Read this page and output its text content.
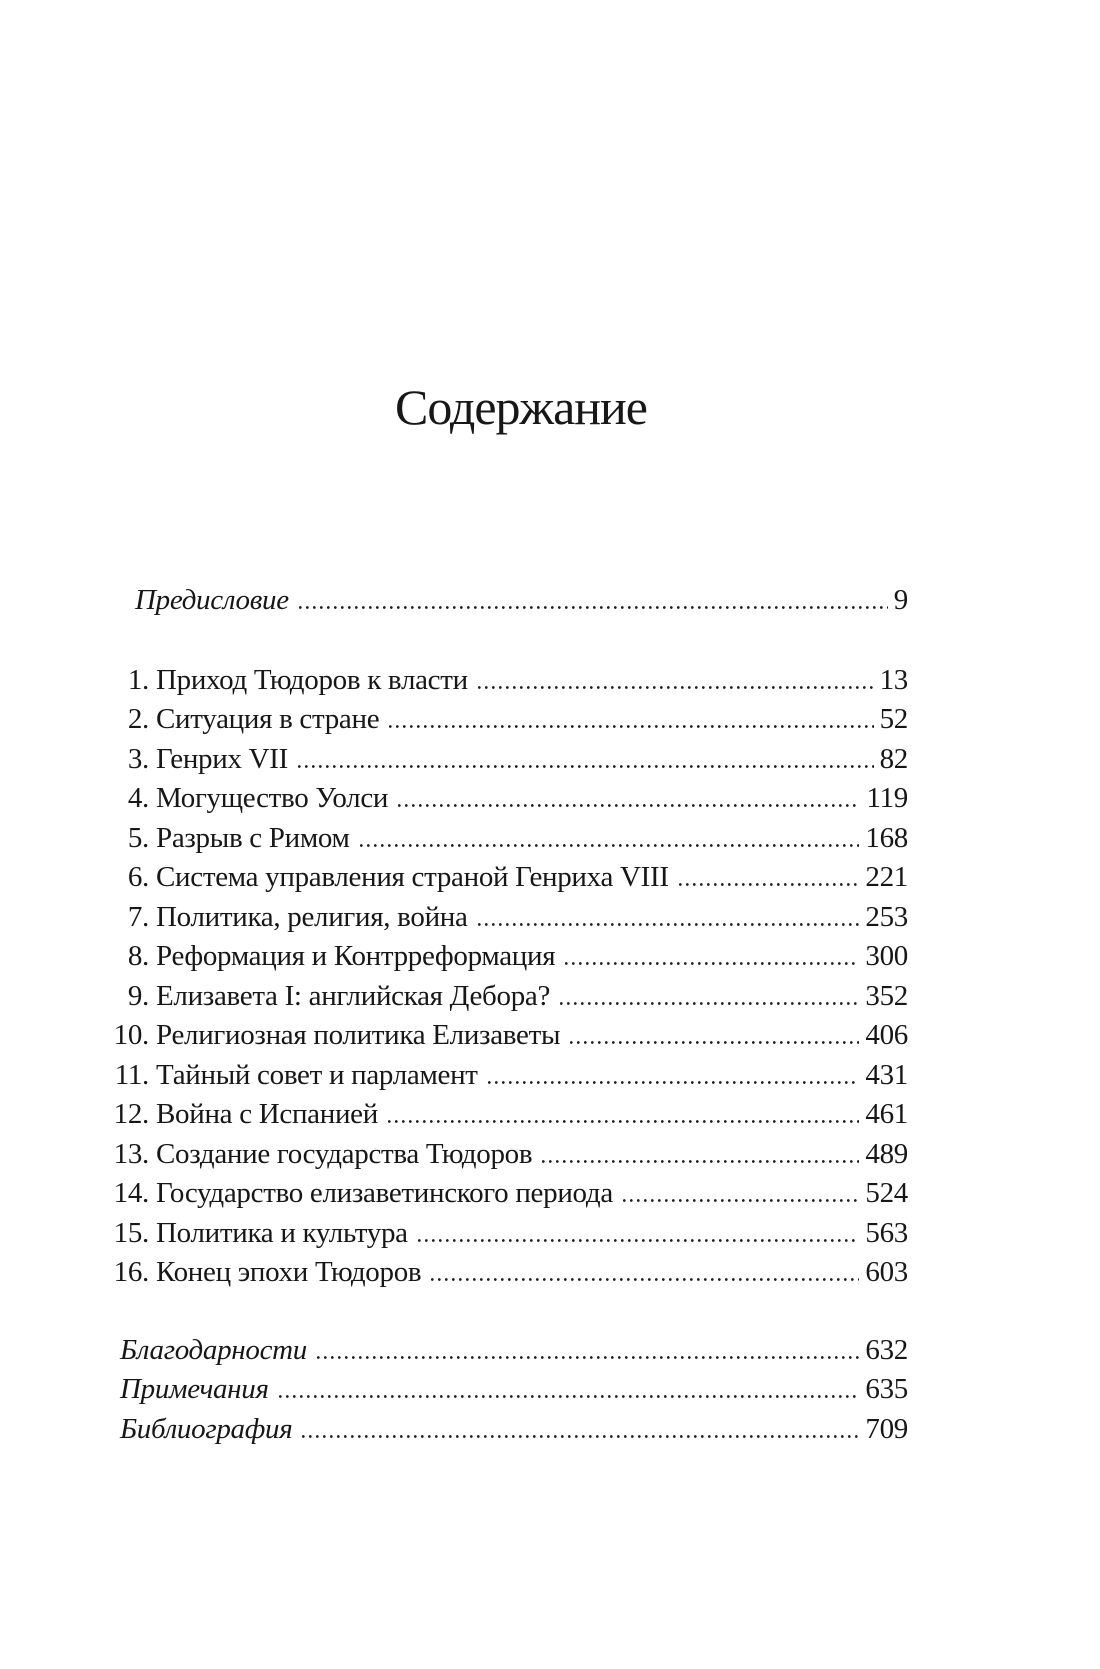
Содержание
Предисловие	9
1. Приход Тюдоров к власти	13
2. Ситуация в стране	52
3. Генрих VII	82
4. Могущество Уолси	119
5. Разрыв с Римом	168
6. Система управления страной Генриха VIII	221
7. Политика, религия, война	253
8. Реформация и Контрреформация	300
9. Елизавета I: английская Дебора?	352
10. Религиозная политика Елизаветы	406
11. Тайный совет и парламент	431
12. Война с Испанией	461
13. Создание государства Тюдоров	489
14. Государство елизаветинского периода	524
15. Политика и культура	563
16. Конец эпохи Тюдоров	603
Благодарности	632
Примечания	635
Библиография	709
